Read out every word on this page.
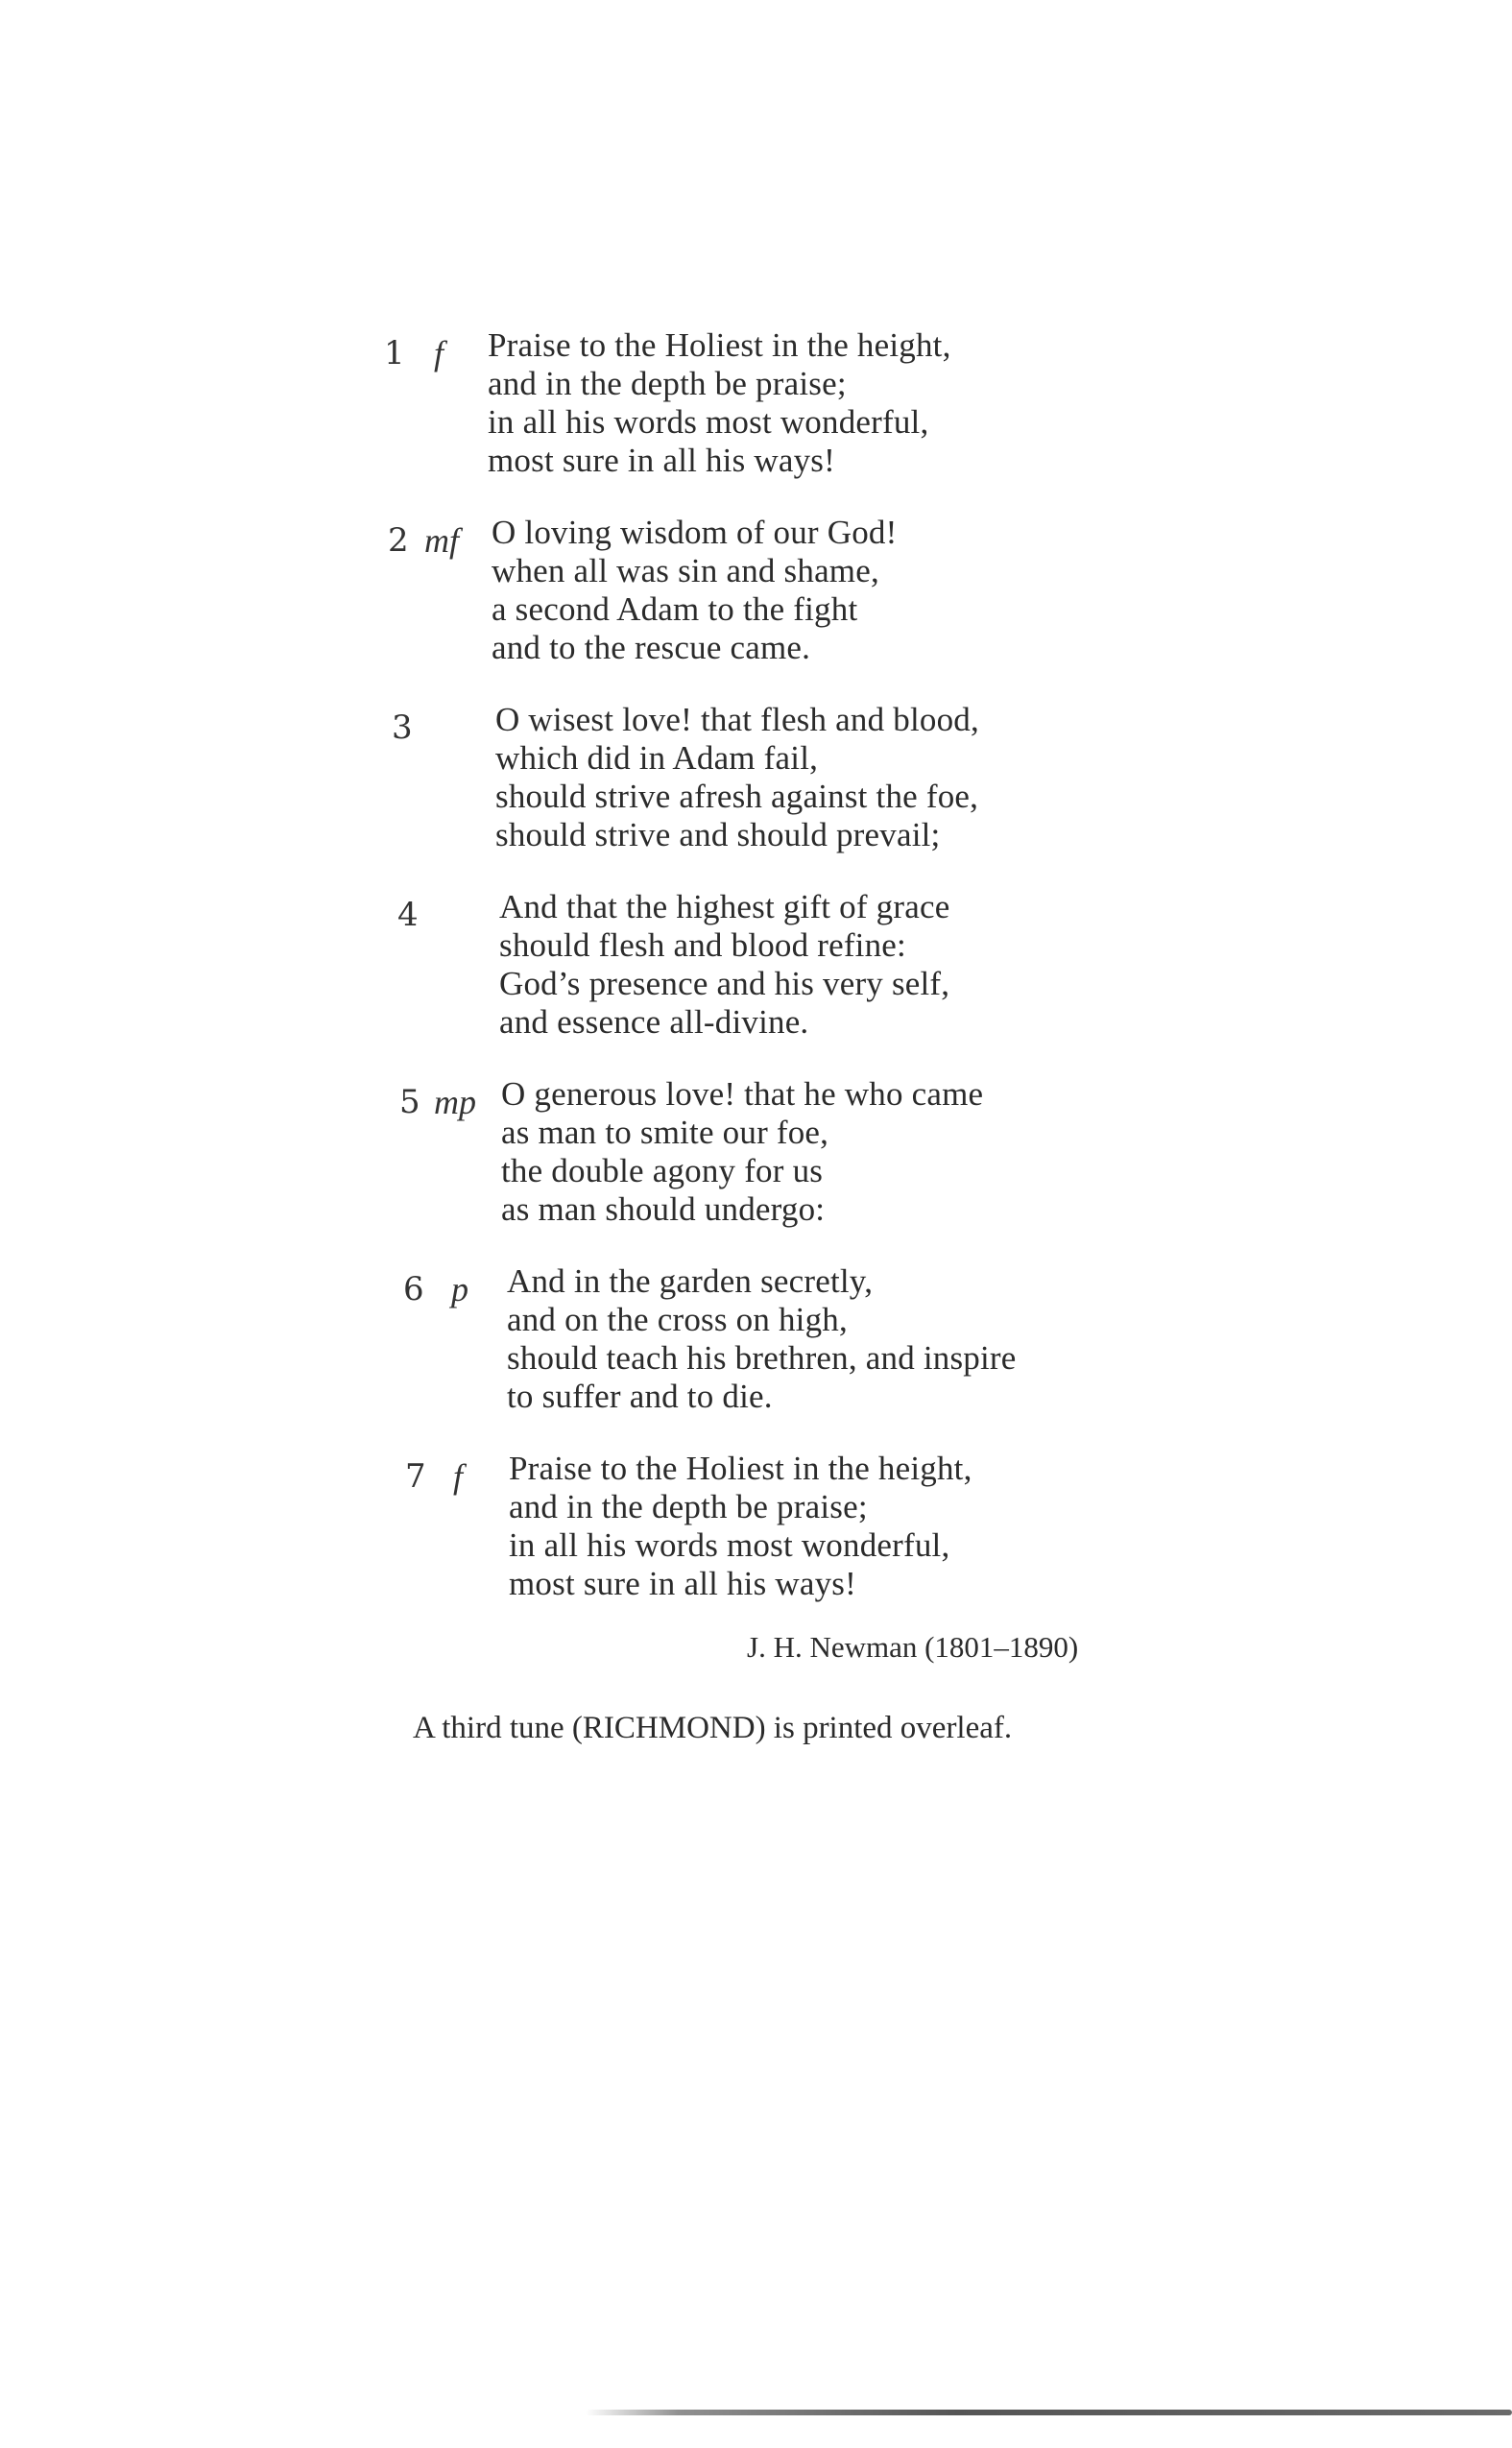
1 f Praise to the Holiest in the height,
and in the depth be praise;
in all his words most wonderful,
most sure in all his ways!
2 mf O loving wisdom of our God!
when all was sin and shame,
a second Adam to the fight
and to the rescue came.
3 O wisest love! that flesh and blood,
which did in Adam fail,
should strive afresh against the foe,
should strive and should prevail;
4 And that the highest gift of grace
should flesh and blood refine:
God’s presence and his very self,
and essence all-divine.
5 mp O generous love! that he who came
as man to smite our foe,
the double agony for us
as man should undergo:
6 p And in the garden secretly,
and on the cross on high,
should teach his brethren, and inspire
to suffer and to die.
7 f Praise to the Holiest in the height,
and in the depth be praise;
in all his words most wonderful,
most sure in all his ways!
J. H. Newman (1801–1890)
A third tune (RICHMOND) is printed overleaf.
